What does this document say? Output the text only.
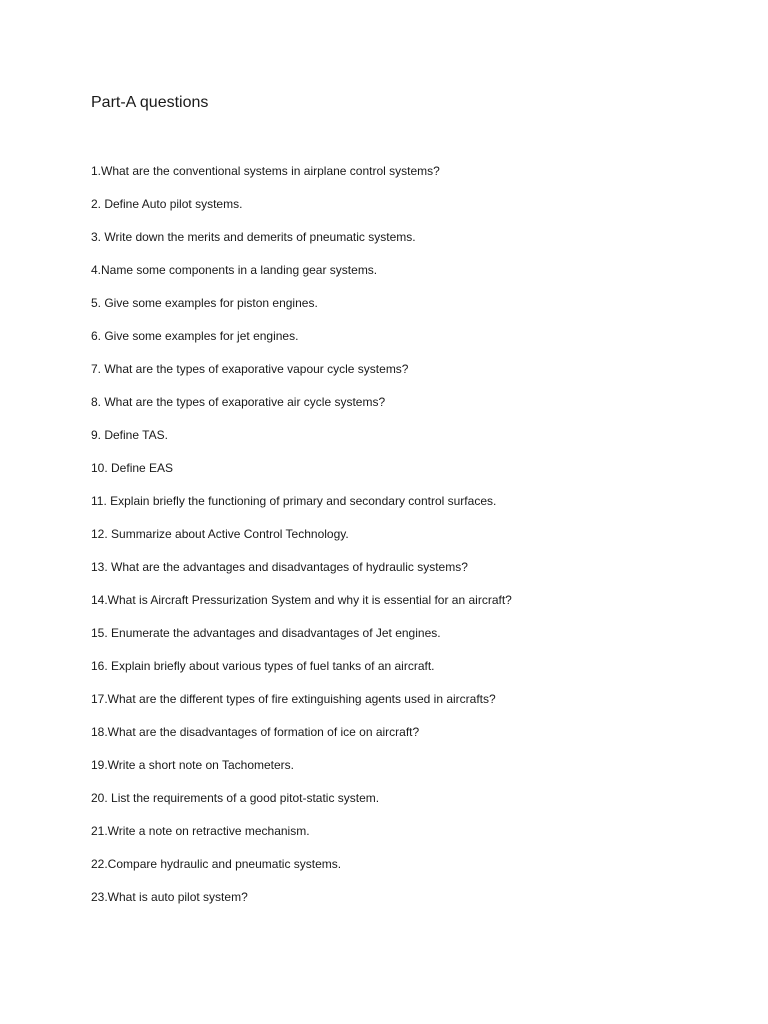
Part-A questions
1.What are the conventional systems in airplane control systems?
2. Define Auto pilot systems.
3. Write down the merits and demerits of pneumatic systems.
4.Name some components in a landing gear systems.
5. Give some examples for piston engines.
6. Give some examples for jet engines.
7. What are the types of exaporative vapour cycle systems?
8. What are the types of exaporative air cycle systems?
9. Define TAS.
10. Define EAS
11. Explain briefly the functioning of primary and secondary control surfaces.
12. Summarize about Active Control Technology.
13. What are the advantages and disadvantages of hydraulic systems?
14.What is Aircraft Pressurization System and why it is essential for an aircraft?
15. Enumerate the advantages and disadvantages of Jet engines.
16. Explain briefly about various types of fuel tanks of an aircraft.
17.What are the different types of fire extinguishing agents used in aircrafts?
18.What are the disadvantages of formation of ice on aircraft?
19.Write a short note on Tachometers.
20. List the requirements of a good pitot-static system.
21.Write a note on retractive mechanism.
22.Compare hydraulic and pneumatic systems.
23.What is auto pilot system?
